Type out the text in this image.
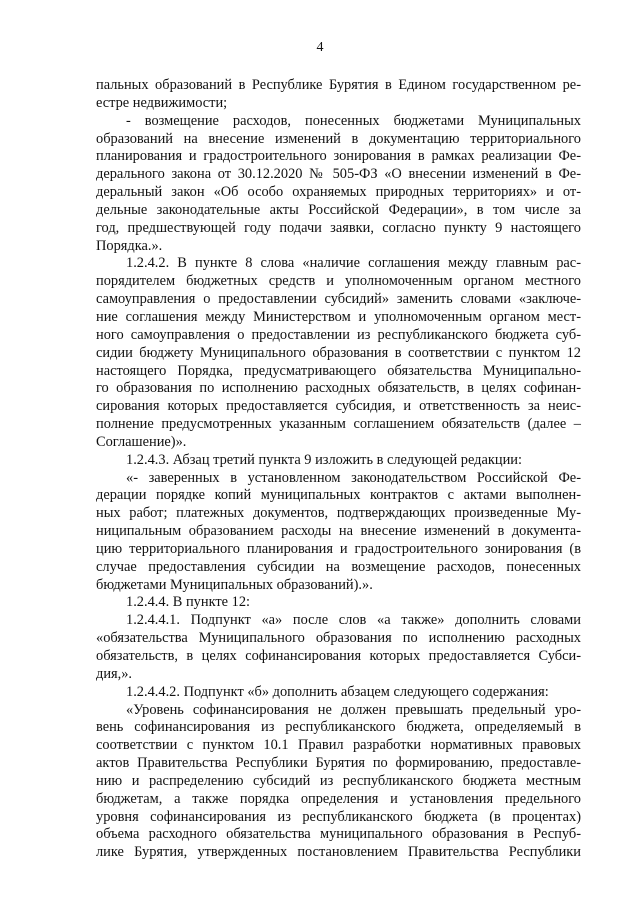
4
пальных образований в Республике Бурятия в Едином государственном ре-
естре недвижимости;
- возмещение расходов, понесенных бюджетами Муниципальных
образований на внесение изменений в документацию территориального
планирования и градостроительного зонирования в рамках реализации Фе-
дерального закона от 30.12.2020 № 505-ФЗ «О внесении изменений в Фе-
деральный закон «Об особо охраняемых природных территориях» и от-
дельные законодательные акты Российской Федерации», в том числе за
год, предшествующей году подачи заявки, согласно пункту 9 настоящего
Порядка.».
1.2.4.2. В пункте 8 слова «наличие соглашения между главным рас-
порядителем бюджетных средств и уполномоченным органом местного
самоуправления о предоставлении субсидий» заменить словами «заключе-
ние соглашения между Министерством и уполномоченным органом мест-
ного самоуправления о предоставлении из республиканского бюджета суб-
сидии бюджету Муниципального образования в соответствии с пунктом 12
настоящего Порядка, предусматривающего обязательства Муниципально-
го образования по исполнению расходных обязательств, в целях софинан-
сирования которых предоставляется субсидия, и ответственность за неис-
полнение предусмотренных указанным соглашением обязательств (далее –
Соглашение)».
1.2.4.3. Абзац третий пункта 9 изложить в следующей редакции:
«- заверенных в установленном законодательством Российской Фе-
дерации порядке копий муниципальных контрактов с актами выполнен-
ных работ; платежных документов, подтверждающих произведенные Му-
ниципальным образованием расходы на внесение изменений в документа-
цию территориального планирования и градостроительного зонирования (в
случае предоставления субсидии на возмещение расходов, понесенных
бюджетами Муниципальных образований).».
1.2.4.4. В пункте 12:
1.2.4.4.1. Подпункт «а» после слов «а также» дополнить словами
«обязательства Муниципального образования по исполнению расходных
обязательств, в целях софинансирования которых предоставляется Субси-
дия,».
1.2.4.4.2. Подпункт «б» дополнить абзацем следующего содержания:
«Уровень софинансирования не должен превышать предельный уро-
вень софинансирования из республиканского бюджета, определяемый в
соответствии с пунктом 10.1 Правил разработки нормативных правовых
актов Правительства Республики Бурятия по формированию, предоставле-
нию и распределению субсидий из республиканского бюджета местным
бюджетам, а также порядка определения и установления предельного
уровня софинансирования из республиканского бюджета (в процентах)
объема расходного обязательства муниципального образования в Респуб-
лике Бурятия, утвержденных постановлением Правительства Республики
